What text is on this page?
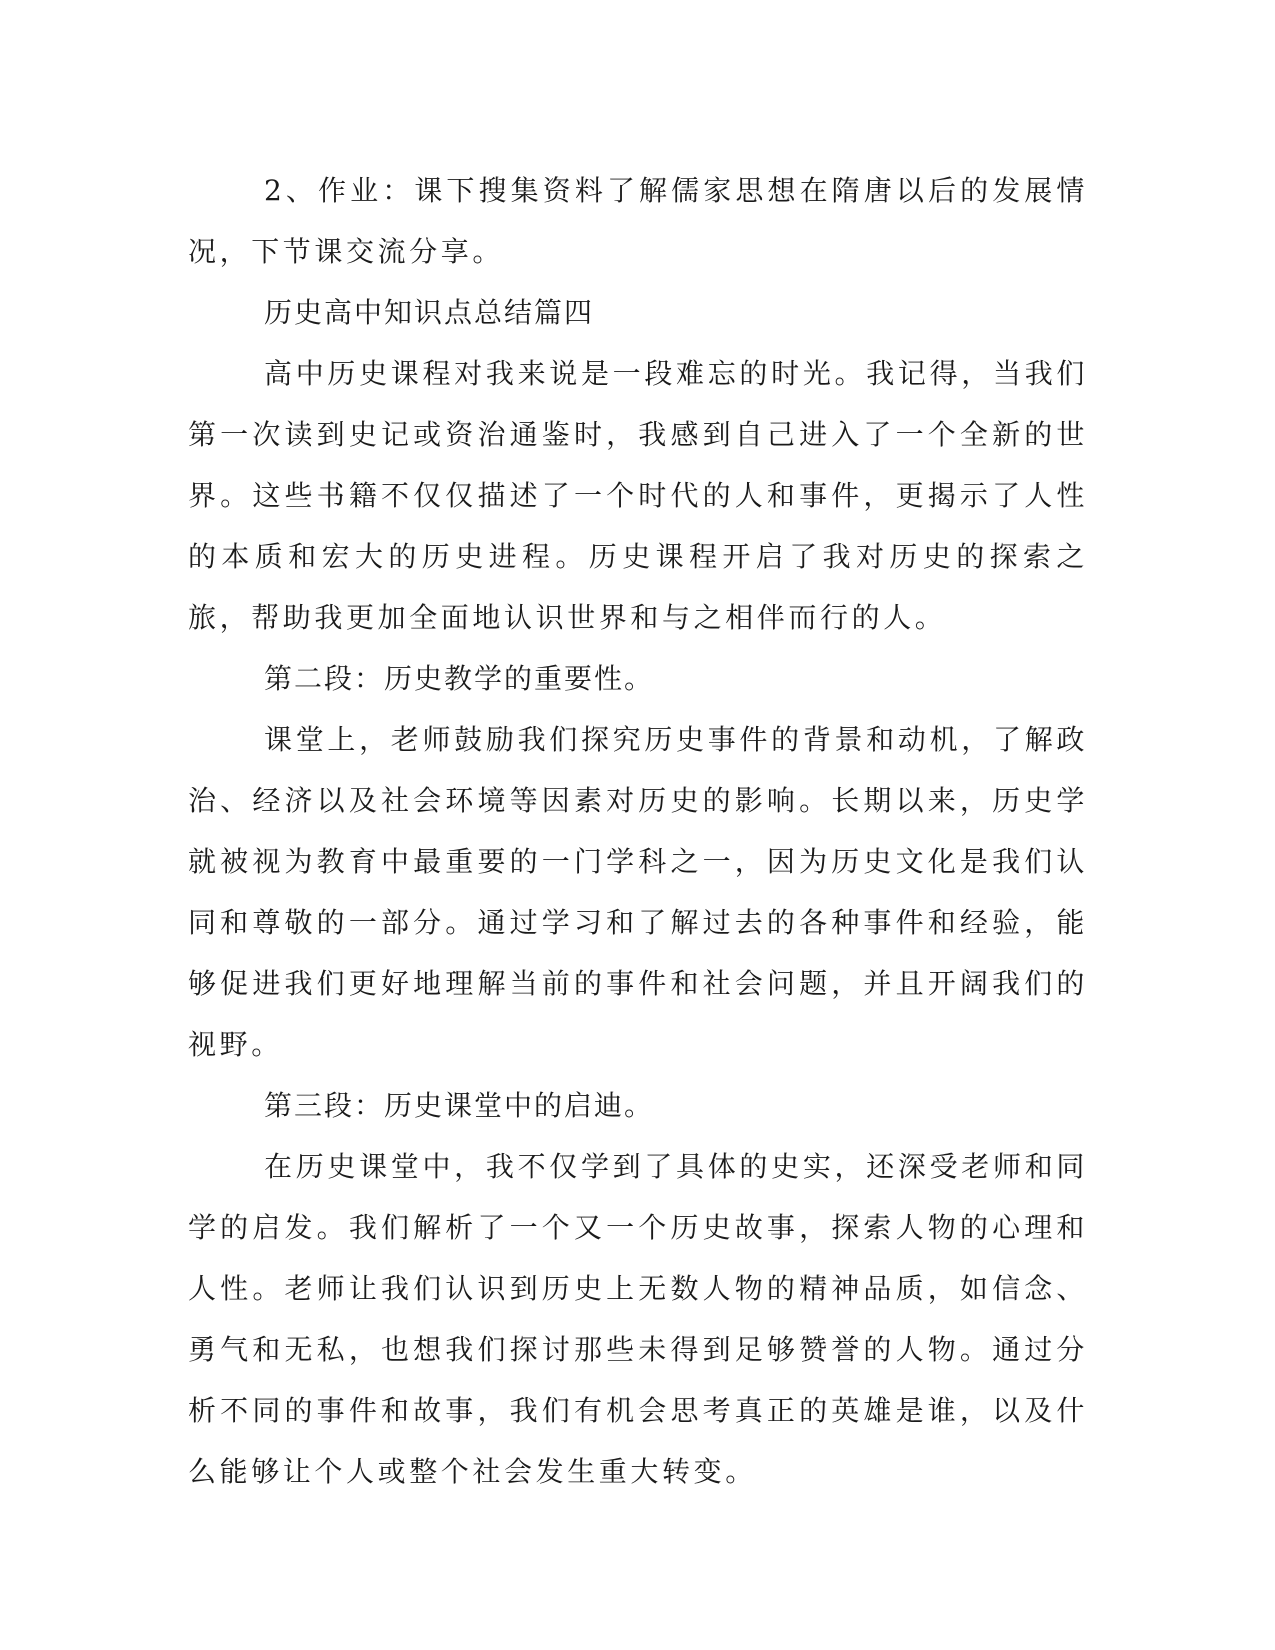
2、作业：课下搜集资料了解儒家思想在隋唐以后的发展情况，下节课交流分享。

历史高中知识点总结篇四

高中历史课程对我来说是一段难忘的时光。我记得，当我们第一次读到史记或资治通鉴时，我感到自己进入了一个全新的世界。这些书籍不仅仅描述了一个时代的人和事件，更揭示了人性的本质和宏大的历史进程。历史课程开启了我对历史的探索之旅，帮助我更加全面地认识世界和与之相伴而行的人。

第二段：历史教学的重要性。

课堂上，老师鼓励我们探究历史事件的背景和动机，了解政治、经济以及社会环境等因素对历史的影响。长期以来，历史学就被视为教育中最重要的一门学科之一，因为历史文化是我们认同和尊敬的一部分。通过学习和了解过去的各种事件和经验，能够促进我们更好地理解当前的事件和社会问题，并且开阔我们的视野。

第三段：历史课堂中的启迪。

在历史课堂中，我不仅学到了具体的史实，还深受老师和同学的启发。我们解析了一个又一个历史故事，探索人物的心理和人性。老师让我们认识到历史上无数人物的精神品质，如信念、勇气和无私，也想我们探讨那些未得到足够赞誉的人物。通过分析不同的事件和故事，我们有机会思考真正的英雄是谁，以及什么能够让个人或整个社会发生重大转变。
